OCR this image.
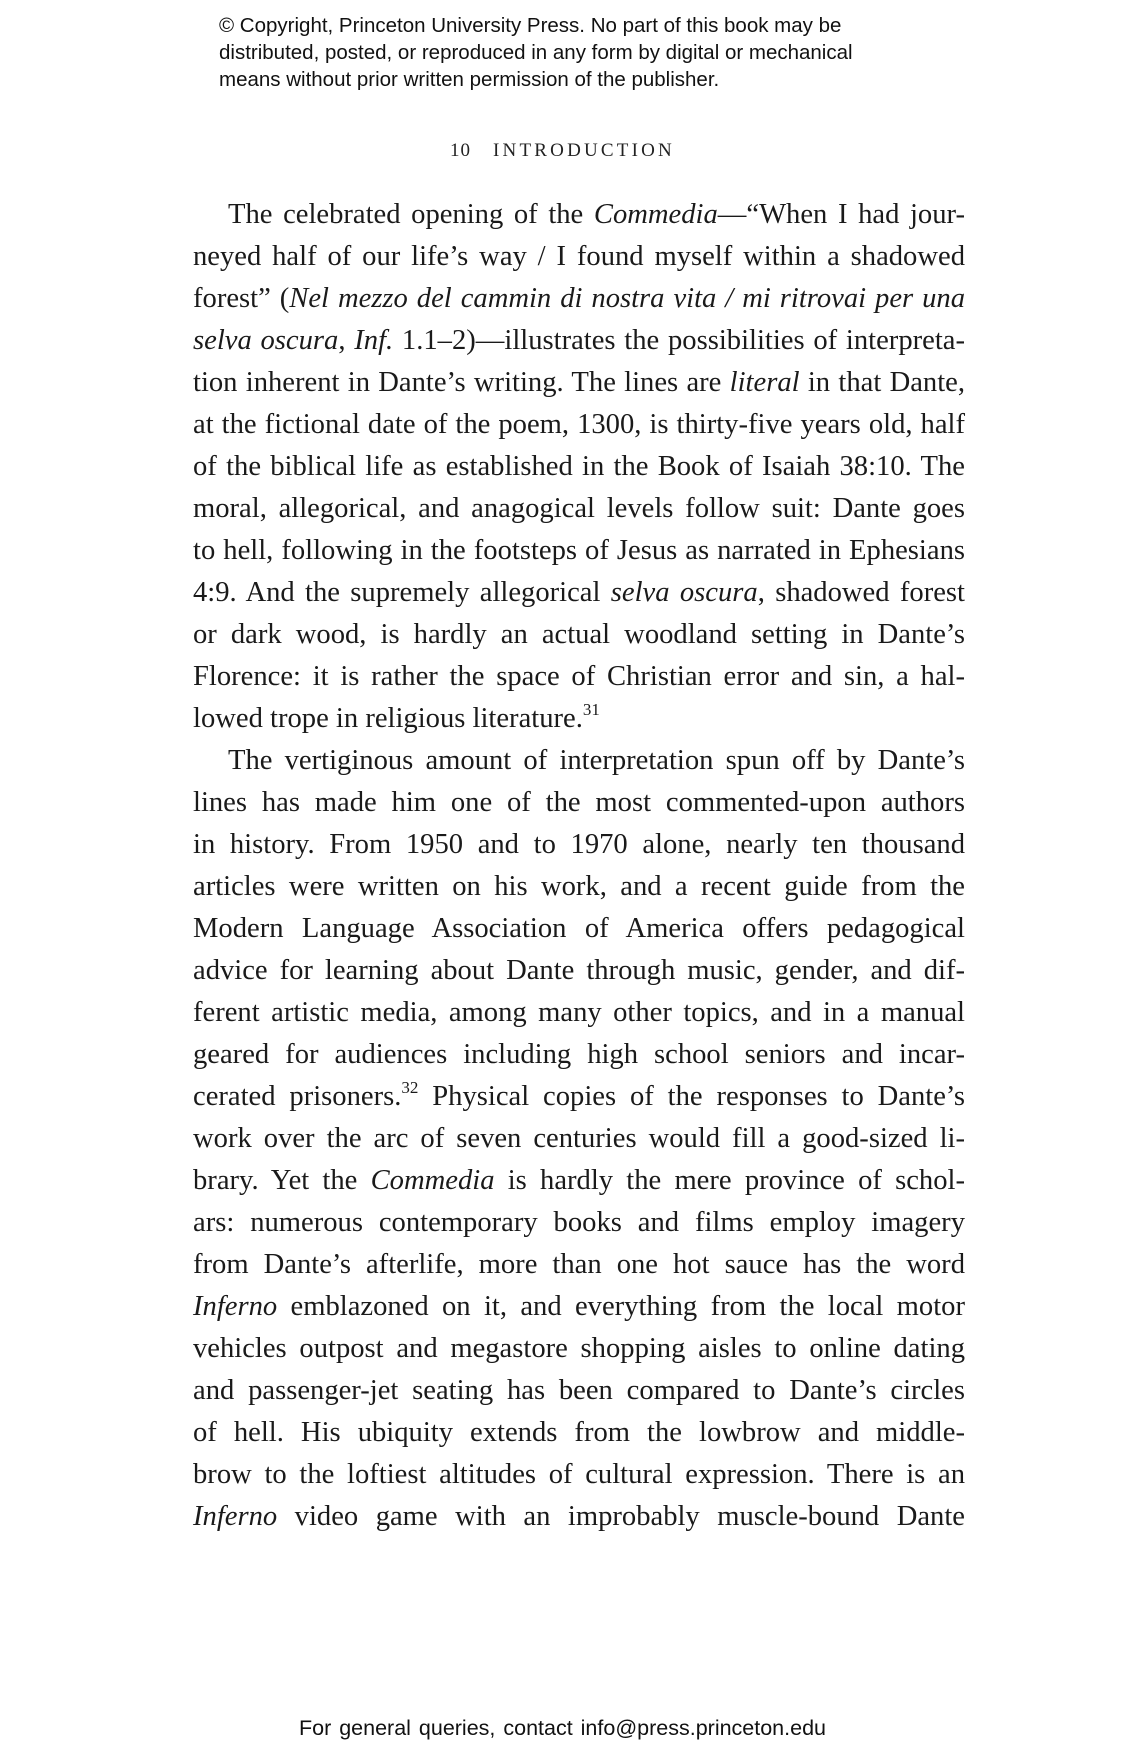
© Copyright, Princeton University Press. No part of this book may be
distributed, posted, or reproduced in any form by digital or mechanical
means without prior written permission of the publisher.
10 INTRODUCTION
The celebrated opening of the Commedia—“When I had jour-
neyed half of our life’s way / I found myself within a shadowed
forest” (Nel mezzo del cammin di nostra vita / mi ritrovai per una
selva oscura, Inf. 1.1–2)—illustrates the possibilities of interpreta-
tion inherent in Dante’s writing. The lines are literal in that Dante,
at the fictional date of the poem, 1300, is thirty-five years old, half
of the biblical life as established in the Book of Isaiah 38:10. The
moral, allegorical, and anagogical levels follow suit: Dante goes
to hell, following in the footsteps of Jesus as narrated in Ephesians
4:9. And the supremely allegorical selva oscura, shadowed forest
or dark wood, is hardly an actual woodland setting in Dante’s
Florence: it is rather the space of Christian error and sin, a hal-
lowed trope in religious literature.$^{31}$
The vertiginous amount of interpretation spun off by Dante’s
lines has made him one of the most commented-upon authors
in history. From 1950 and to 1970 alone, nearly ten thousand
articles were written on his work, and a recent guide from the
Modern Language Association of America offers pedagogical
advice for learning about Dante through music, gender, and dif-
ferent artistic media, among many other topics, and in a manual
geared for audiences including high school seniors and incar-
cerated prisoners.$^{32}$ Physical copies of the responses to Dante’s
work over the arc of seven centuries would fill a good-sized li-
brary. Yet the Commedia is hardly the mere province of schol-
ars: numerous contemporary books and films employ imagery
from Dante’s afterlife, more than one hot sauce has the word
Inferno emblazoned on it, and everything from the local motor
vehicles outpost and megastore shopping aisles to online dating
and passenger-jet seating has been compared to Dante’s circles
of hell. His ubiquity extends from the lowbrow and middle-
brow to the loftiest altitudes of cultural expression. There is an
Inferno video game with an improbably muscle-bound Dante
For general queries, contact info@press.princeton.edu
